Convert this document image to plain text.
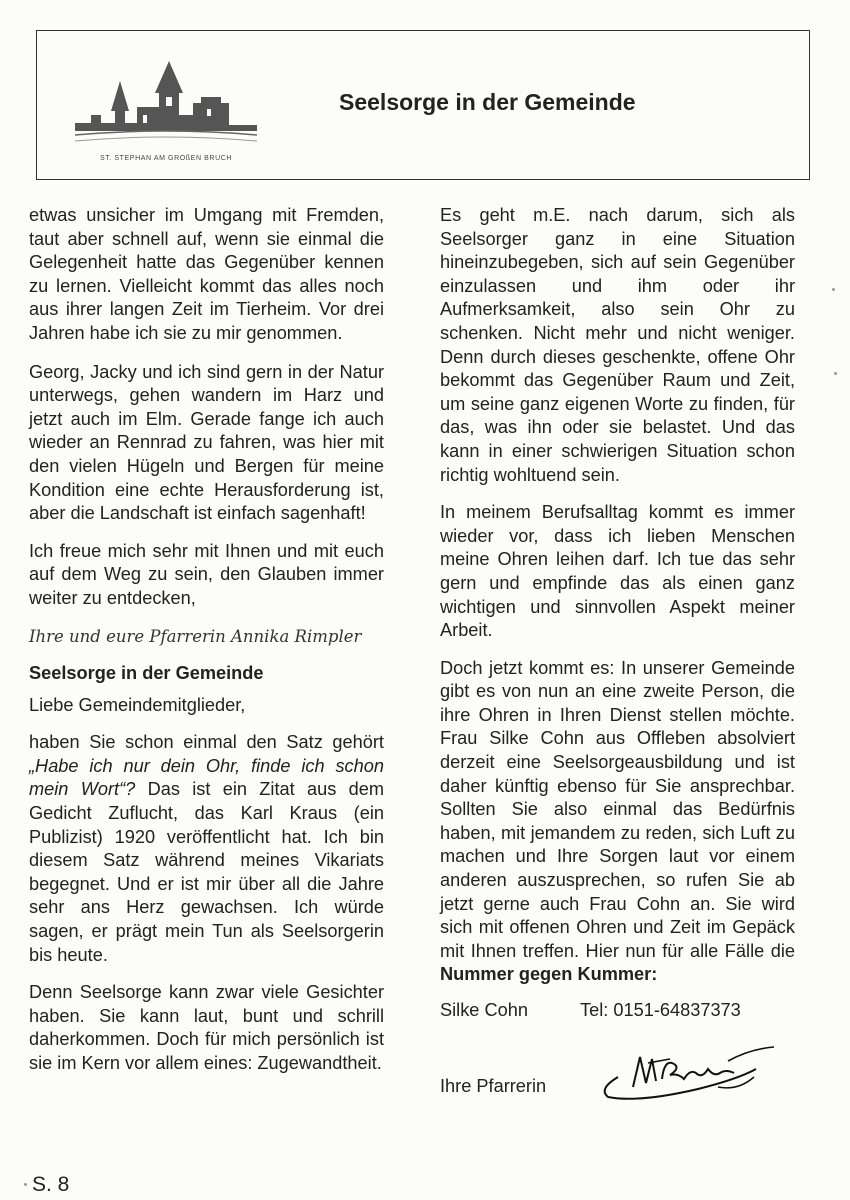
ST. STEPHAN AM GROßEN BRUCH
Seelsorge in der Gemeinde

etwas unsicher im Umgang mit Fremden, taut aber schnell auf, wenn sie einmal die Gelegenheit hatte das Gegenüber kennen zu lernen. Vielleicht kommt das alles noch aus ihrer langen Zeit im Tierheim. Vor drei Jahren habe ich sie zu mir genommen.

Georg, Jacky und ich sind gern in der Natur unterwegs, gehen wandern im Harz und jetzt auch im Elm. Gerade fange ich auch wieder an Rennrad zu fahren, was hier mit den vielen Hügeln und Bergen für meine Kondition eine echte Herausforderung ist, aber die Landschaft ist einfach sagenhaft!

Ich freue mich sehr mit Ihnen und mit euch auf dem Weg zu sein, den Glauben immer weiter zu entdecken,

Ihre und eure Pfarrerin Annika Rimpler

Seelsorge in der Gemeinde

Liebe Gemeindemitglieder,

haben Sie schon einmal den Satz gehört „Habe ich nur dein Ohr, finde ich schon mein Wort“? Das ist ein Zitat aus dem Gedicht Zuflucht, das Karl Kraus (ein Publizist) 1920 veröffentlicht hat. Ich bin diesem Satz während meines Vikariats begegnet. Und er ist mir über all die Jahre sehr ans Herz gewachsen. Ich würde sagen, er prägt mein Tun als Seelsorgerin bis heute.

Denn Seelsorge kann zwar viele Gesichter haben. Sie kann laut, bunt und schrill daherkommen. Doch für mich persönlich ist sie im Kern vor allem eines: Zugewandtheit.

Es geht m.E. nach darum, sich als Seelsorger ganz in eine Situation hineinzubegeben, sich auf sein Gegenüber einzulassen und ihm oder ihr Aufmerksamkeit, also sein Ohr zu schenken. Nicht mehr und nicht weniger. Denn durch dieses geschenkte, offene Ohr bekommt das Gegenüber Raum und Zeit, um seine ganz eigenen Worte zu finden, für das, was ihn oder sie belastet. Und das kann in einer schwierigen Situation schon richtig wohltuend sein.

In meinem Berufsalltag kommt es immer wieder vor, dass ich lieben Menschen meine Ohren leihen darf. Ich tue das sehr gern und empfinde das als einen ganz wichtigen und sinnvollen Aspekt meiner Arbeit.

Doch jetzt kommt es: In unserer Gemeinde gibt es von nun an eine zweite Person, die ihre Ohren in Ihren Dienst stellen möchte. Frau Silke Cohn aus Offleben absolviert derzeit eine Seelsorgeausbildung und ist daher künftig ebenso für Sie ansprechbar. Sollten Sie also einmal das Bedürfnis haben, mit jemandem zu reden, sich Luft zu machen und Ihre Sorgen laut vor einem anderen auszusprechen, so rufen Sie ab jetzt gerne auch Frau Cohn an. Sie wird sich mit offenen Ohren und Zeit im Gepäck mit Ihnen treffen. Hier nun für alle Fälle die Nummer gegen Kummer:

Silke Cohn	Tel: 0151-64837373
Ihre Pfarrerin
S. 8
